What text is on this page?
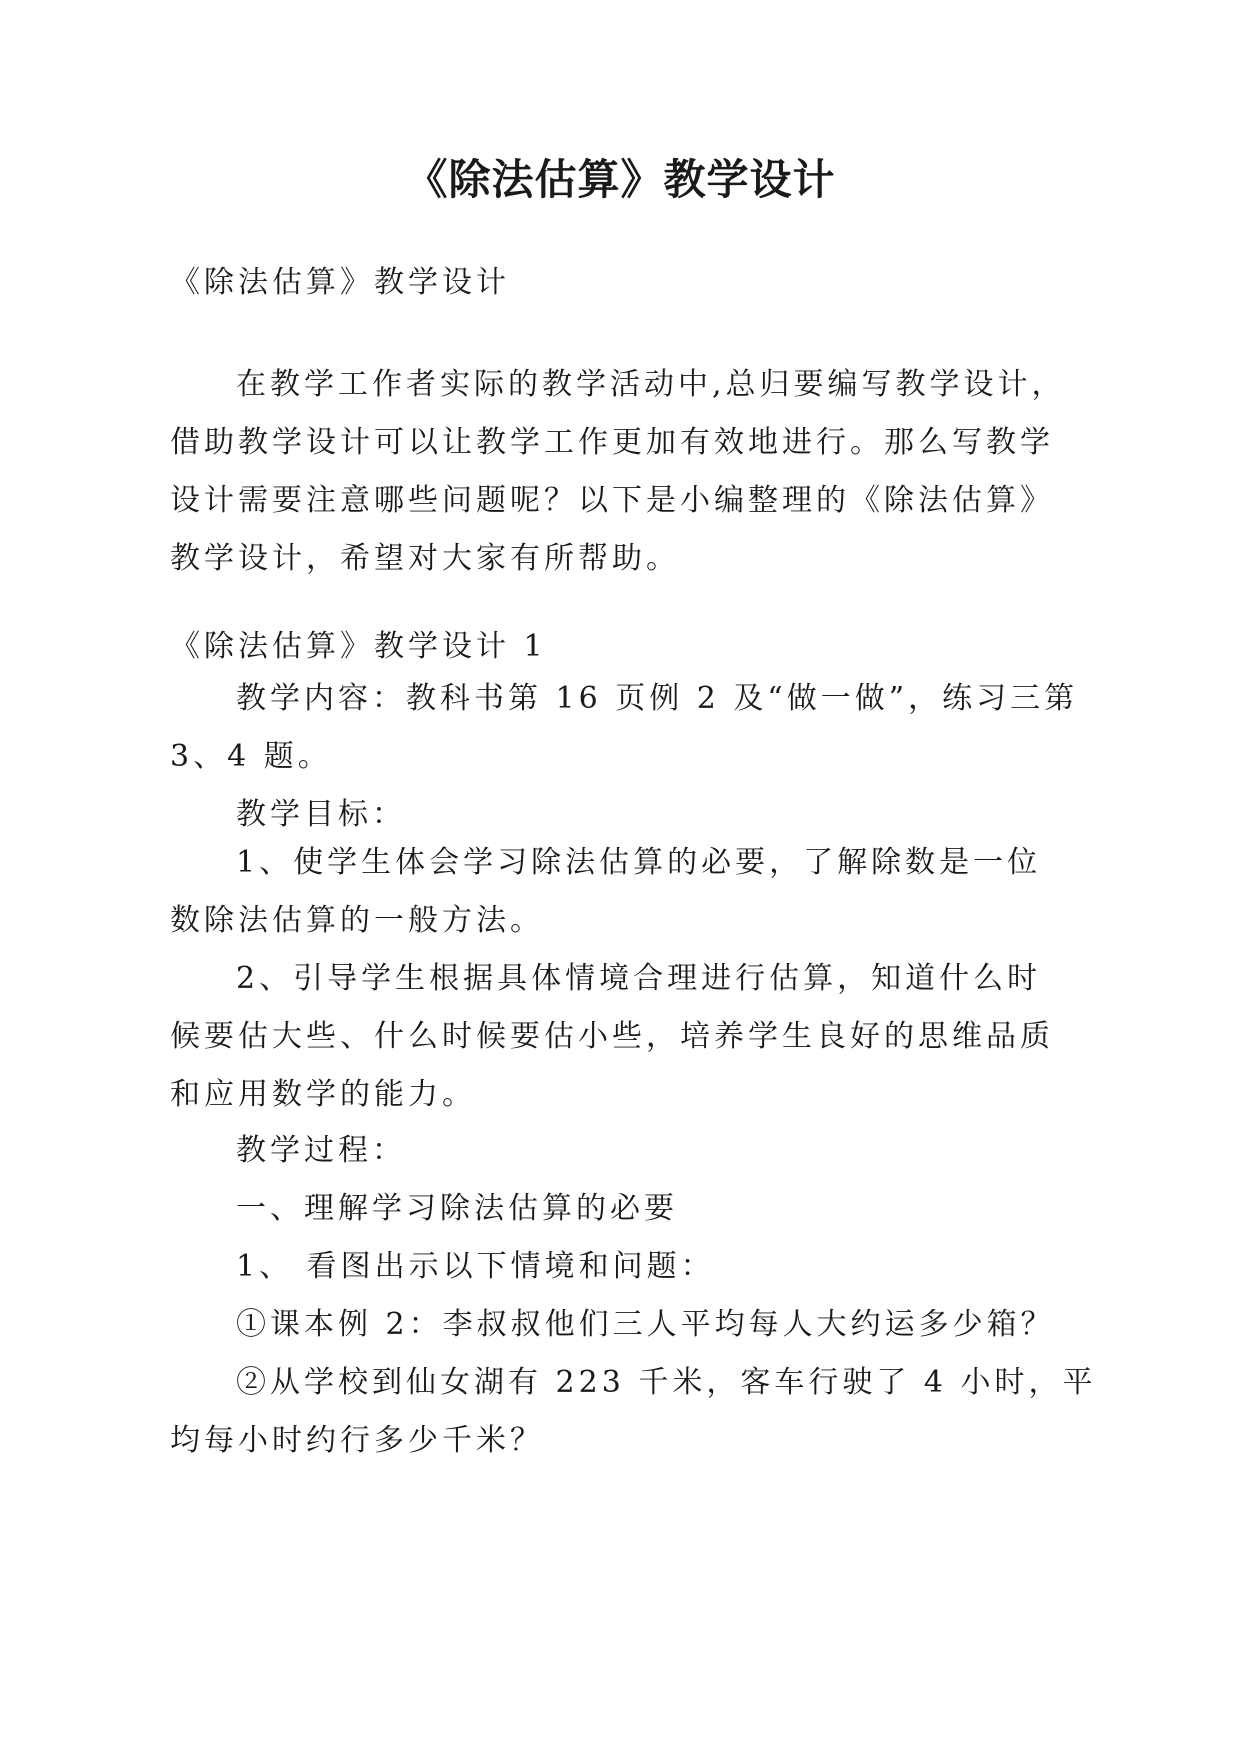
《除法估算》教学设计
《除法估算》教学设计
在教学工作者实际的教学活动中,总归要编写教学设计，
借助教学设计可以让教学工作更加有效地进行。那么写教学
设计需要注意哪些问题呢？以下是小编整理的《除法估算》
教学设计，希望对大家有所帮助。
《除法估算》教学设计 1
教学内容：教科书第 16 页例 2 及“做一做”，练习三第
3、4 题。
教学目标：
1、使学生体会学习除法估算的必要，了解除数是一位
数除法估算的一般方法。
2、引导学生根据具体情境合理进行估算，知道什么时
候要估大些、什么时候要估小些，培养学生良好的思维品质
和应用数学的能力。
教学过程：
一、理解学习除法估算的必要
1、 看图出示以下情境和问题：
①课本例 2：李叔叔他们三人平均每人大约运多少箱？
②从学校到仙女湖有 223 千米，客车行驶了 4 小时，平
均每小时约行多少千米？
